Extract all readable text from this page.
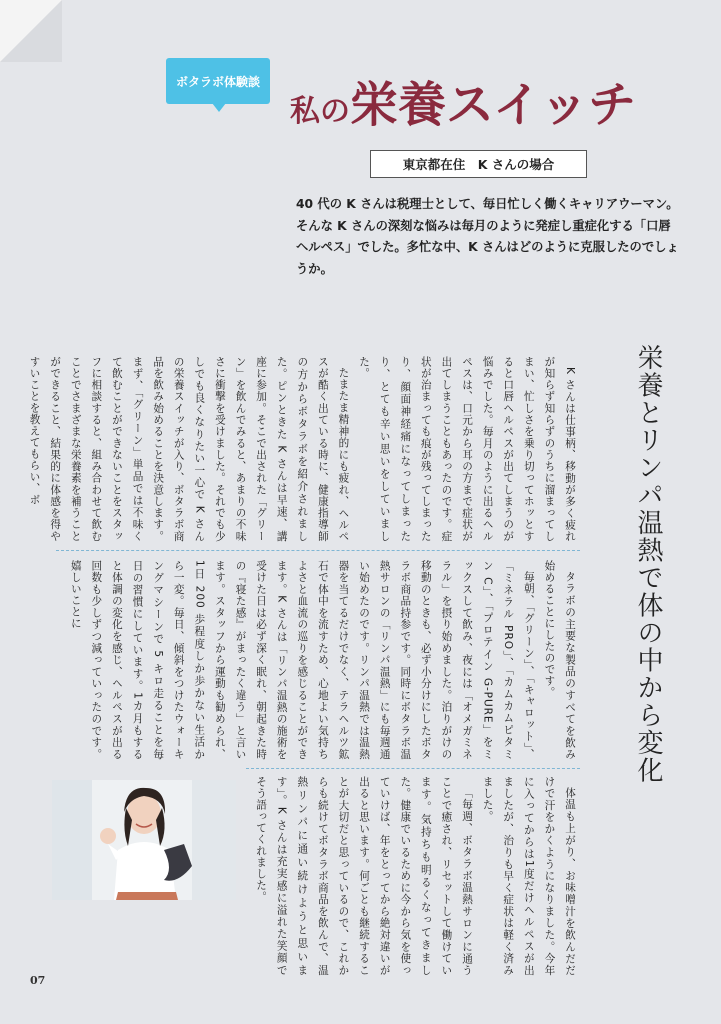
ボタラボ体験談
私の栄養スイッチ
東京都在住　K さんの場合
40 代の K さんは税理士として、毎日忙しく働くキャリアウーマン。そんな K さんの深刻な悩みは毎月のように発症し重症化する「口唇ヘルペス」でした。多忙な中、K さんはどのように克服したのでしょうか。
栄養とリンパ温熱で体の中から変化

K さんは仕事柄、移動が多く疲れが知らず知らずのうちに溜まってしまい、忙しさを乗り切ってホッとすると口唇ヘルペスが出てしまうのが悩みでした。毎月のように出るヘルペスは、口元から耳の方まで症状が出てしまうこともあったのです。症状が治まっても痕が残ってしまったり、顔面神経痛になってしまったり、とても辛い思いをしていました。

たまたま精神的にも疲れ、ヘルペスが酷く出ている時に、健康指導師の方からボタラボを紹介されました。ピンときた K さんは早速、講座に参加。そこで出された「グリーン」を飲んでみると、あまりの不味さに衝撃を受けました。それでも少しでも良くなりたい一心で K さんの栄養スイッチが入り、ボタラボ商品を飲み始めることを決意します。まず、「グリーン」単品では不味くて飲むことができないことをスタッフに相談すると、組み合わせて飲むことでさまざまな栄養素を補うことができること、結果的に体感を得やすいことを教えてもらい、ボ

タラボの主要な製品のすべてを飲み始めることにしたのです。

毎朝、「グリーン」、「キャロット」、「ミネラル PRO」、「カムカムピタミン C」、「プロテイン G-PURE」をミックスして飲み、夜には「オメガミネラル」を摂り始めました。泊りがけの移動のときも、必ず小分けにしたボタラボ商品持参です。同時にボタラボ温熱サロンの「リンパ温熱」にも毎週通い始めたのです。リンパ温熱では温熱器を当てるだけでなく、テラヘルツ鉱石で体中を流すため、心地よい気持ちよさと血流の巡りを感じることができます。K さんは「リンパ温熱の施術を受けた日は必ず深く眠れ、朝起きた時の『寝た感』がまったく違う」と言います。スタッフから運動も勧められ、1日 200 歩程度しか歩かない生活から一変。毎日、傾斜をつけたウォーキングマシーンで 5 キロ走ることを毎日の習慣にしています。1カ月もすると体調の変化を感じ、ヘルペスが出る回数も少しずつ減っていったのです。嬉しいことに

体温も上がり、お味噌汁を飲んだだけで汗をかくようになりました。今年に入ってからは1度だけヘルペスが出ましたが、治りも早く症状は軽く済みました。

「毎週、ボタラボ温熱サロンに通うことで癒され、リセットして働けています。気持ちも明るくなってきました。健康でいるために今から気を使っていけば、年をとってから絶対違いが出ると思います。何ごとも継続することが大切だと思っているので、これからも続けてボタラボ商品を飲んで、温熱リンパに通い続けようと思います」。K さんは充実感に溢れた笑顔でそう語ってくれました。

07
